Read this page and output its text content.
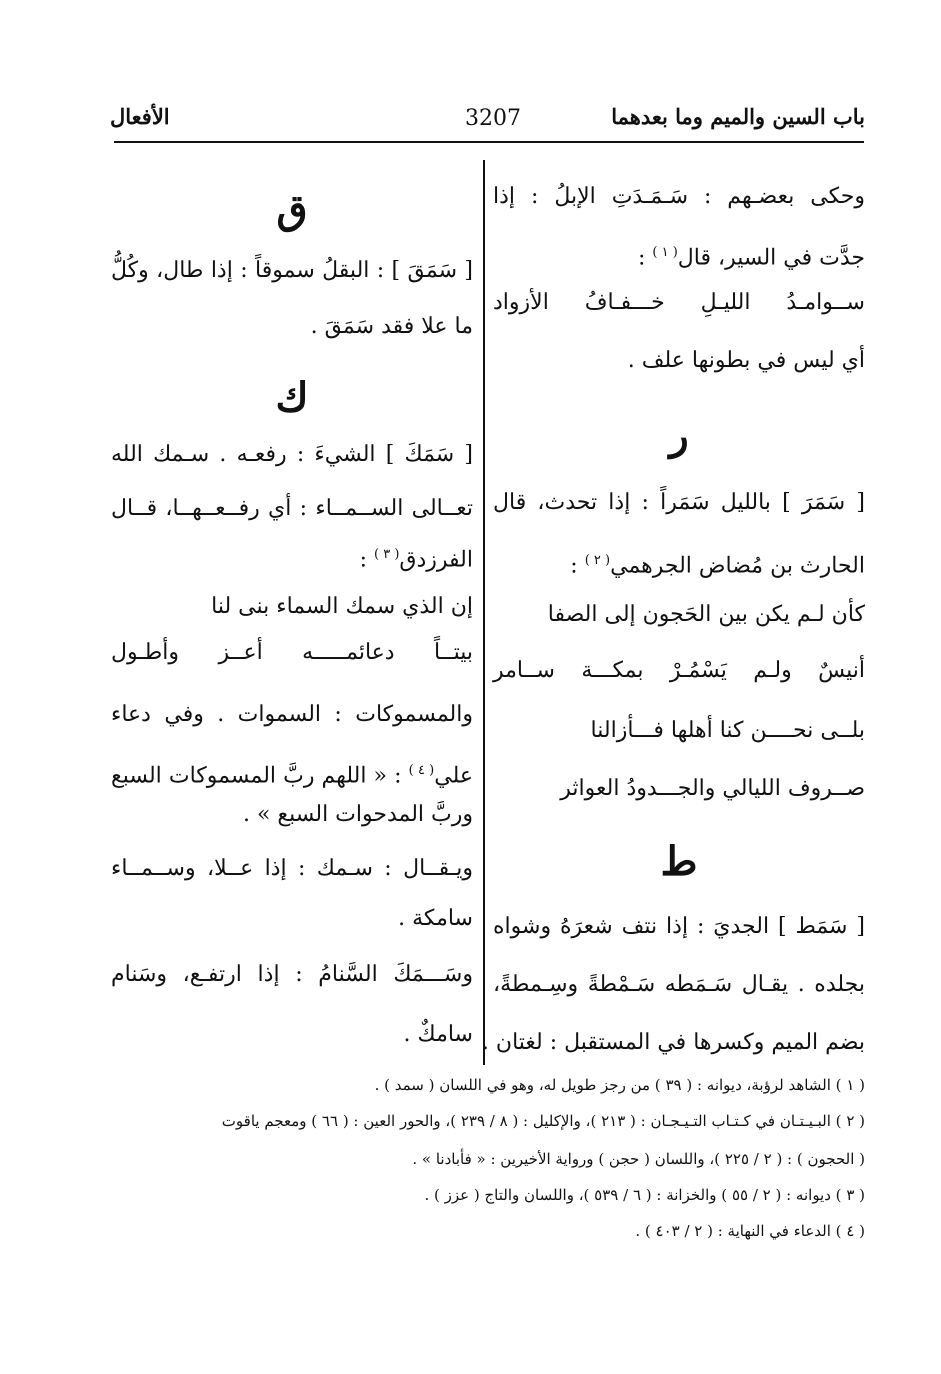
باب السين والميم وما بعدهما
3207
الأفعال
وحكى بعضـهم : سَـمَـدَتِ الإبلُ : إذا
جدَّت في السير، قال$^{( ١ )}$ :
ســوامـدُ الليـلِ خـــفـافُ الأزواد
أي ليس في بطونها علف .
ر
[ سَمَرَ ] بالليل سَمَراً : إذا تحدث، قال
الحارث بن مُضاض الجرهمي$^{( ٢ )}$ :
كأن لـم يكن بين الحَجون إلى الصفا
أنيسٌ ولـم يَسْمُـرْ بمكـــة ســامر
بلــى نحــــن كنا أهلها فـــأزالنا
صــروف الليالي والجـــدودُ العواثر
ط
[ سَمَط ] الجديَ : إذا نتف شعرَهُ وشواه
بجلده . يقـال سَـمَطه سَـمْطةً وسِـمطةً،
بضم الميم وكسرها في المستقبل : لغتان .
ق
[ سَمَقَ ] : البقلُ سموقاً : إذا طال، وكُلُّ
ما علا فقد سَمَقَ .
ك
[ سَمَكَ ] الشيءَ : رفعـه . سـمك الله
تعــالى الســمــاء : أي رفــعــهــا، قــال
الفرزدق$^{( ٣ )}$ :
إن الذي سمك السماء بنى لنا
بيتــاً دعائمـــــه أعــز وأطـول
والمسموكات : السموات . وفي دعاء
علي$^{( ٤ )}$ : « اللهم ربَّ المسموكات السبع
وربَّ المدحوات السبع » .
ويـقــال : سـمك : إذا عــلا، وســمــاء
سامكة .
وسَـــمَكَ السَّنامُ : إذا ارتفـع، وسَنام
سامكٌ .
( ١ ) الشاهد لرؤبة، ديوانه : ( ٣٩ ) من رجز طويل له، وهو في اللسان ( سمد ) .
( ٢ ) البـيـتـان في كـتـاب التـيـجـان : ( ٢١٣ )، والإكليل : ( ٨ / ٢٣٩ )، والحور العين : ( ٦٦ ) ومعجم ياقوت
( الحجون ) : ( ٢ / ٢٢٥ )، واللسان ( حجن ) ورواية الأخيرين : « فأبادنا » .
( ٣ ) ديوانه : ( ٢ / ٥٥ ) والخزانة : ( ٦ / ٥٣٩ )، واللسان والتاج ( عزز ) .
( ٤ ) الدعاء في النهاية : ( ٢ / ٤٠٣ ) .
